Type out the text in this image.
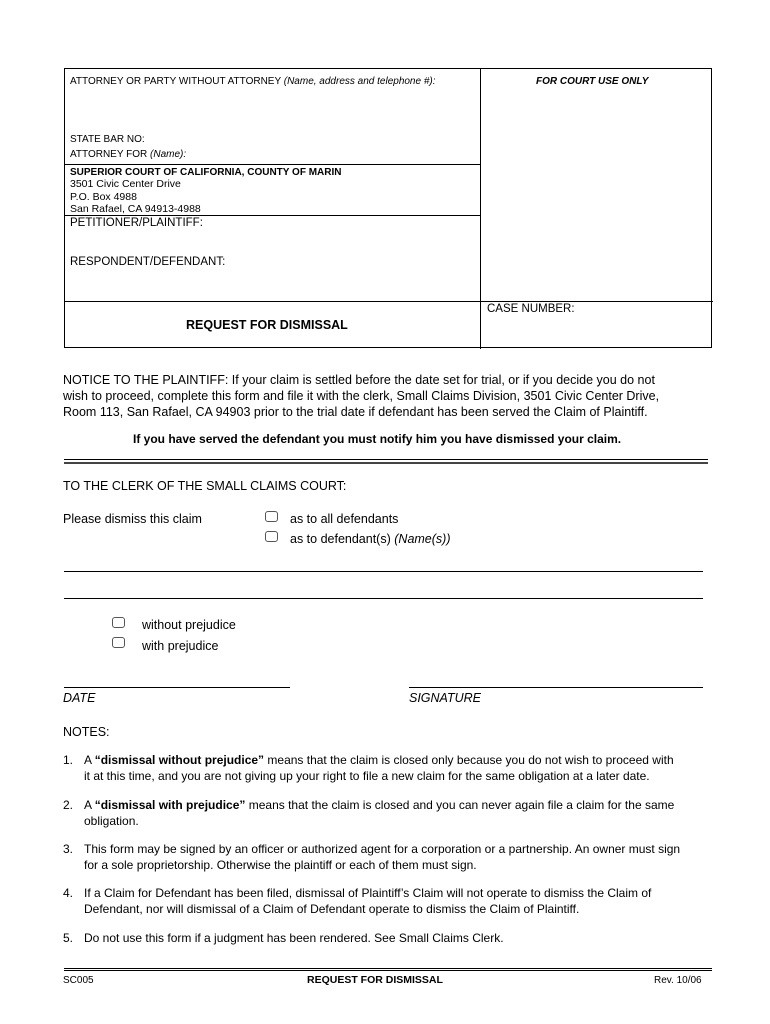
ATTORNEY OR PARTY WITHOUT ATTORNEY (Name, address and telephone #):	FOR COURT USE ONLY
STATE BAR NO:
ATTORNEY FOR (Name):
SUPERIOR COURT OF CALIFORNIA, COUNTY OF MARIN
3501 Civic Center Drive
P.O. Box 4988
San Rafael, CA 94913-4988
PETITIONER/PLAINTIFF:
RESPONDENT/DEFENDANT:
REQUEST FOR DISMISSAL
CASE NUMBER:
NOTICE TO THE PLAINTIFF: If your claim is settled before the date set for trial, or if you decide you do not
wish to proceed, complete this form and file it with the clerk, Small Claims Division, 3501 Civic Center Drive,
Room 113, San Rafael, CA 94903 prior to the trial date if defendant has been served the Claim of Plaintiff.
If you have served the defendant you must notify him you have dismissed your claim.
TO THE CLERK OF THE SMALL CLAIMS COURT:
Please dismiss this claim	as to all defendants
as to defendant(s) (Name(s))
without prejudice
with prejudice
DATE	SIGNATURE
NOTES:
1. A “dismissal without prejudice” means that the claim is closed only because you do not wish to proceed with
it at this time, and you are not giving up your right to file a new claim for the same obligation at a later date.
2. A “dismissal with prejudice” means that the claim is closed and you can never again file a claim for the same
obligation.
3. This form may be signed by an officer or authorized agent for a corporation or a partnership. An owner must sign
for a sole proprietorship. Otherwise the plaintiff or each of them must sign.
4. If a Claim for Defendant has been filed, dismissal of Plaintiff’s Claim will not operate to dismiss the Claim of
Defendant, nor will dismissal of a Claim of Defendant operate to dismiss the Claim of Plaintiff.
5. Do not use this form if a judgment has been rendered. See Small Claims Clerk.
SC005	REQUEST FOR DISMISSAL	Rev. 10/06
